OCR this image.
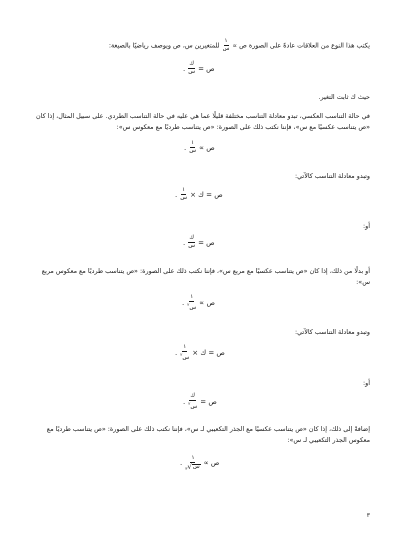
يكتب هذا النوع من العلاقات عادةً على الصورة ص ∝
$\frac{١}{\text{س}}$
للمتغيرين س، ص ويوصف رياضيًا بالصيغة:
ص =
$\frac{\text{ك}}{\text{س}}$
.
حيث ك ثابت التغير.
في حالة التناسب العكسي، تبدو معادلة التناسب مختلفة قليلًا عما هي عليه في حالة التناسب الطردي. على سبيل المثال، إذا كان «ص يتناسب عكسيًا مع س»، فإننا نكتب ذلك على الصورة: «ص يتناسب طرديًا مع معكوس س»:
ص ∝
$\frac{١}{\text{س}}$
.
وتبدو معادلة التناسب كالآتي:
ص = ك ×
$\frac{١}{\text{س}}$
.
أو:
ص =
$\frac{\text{ك}}{\text{س}}$
.
أو بدلًا من ذلك، إذا كان «ص يتناسب عكسيًا مع مربع س»، فإننا نكتب ذلك على الصورة: «ص يتناسب طرديًا مع معكوس مربع س»:
ص ∝
$\frac{١}{س^٢}$
.
وتبدو معادلة التناسب كالآتي:
ص = ك ×
$\frac{١}{س^٢}$
.
أو:
ص =
$\frac{\text{ك}}{س^٢}$
.
إضافةً إلى ذلك، إذا كان «ص يتناسب عكسيًا مع الجذر التكعيبي لـ س»، فإننا نكتب ذلك على الصورة: «ص يتناسب طرديًا مع معكوس الجذر التكعيبي لـ س»:
ص ∝
١
س
√
٣
.
٣
